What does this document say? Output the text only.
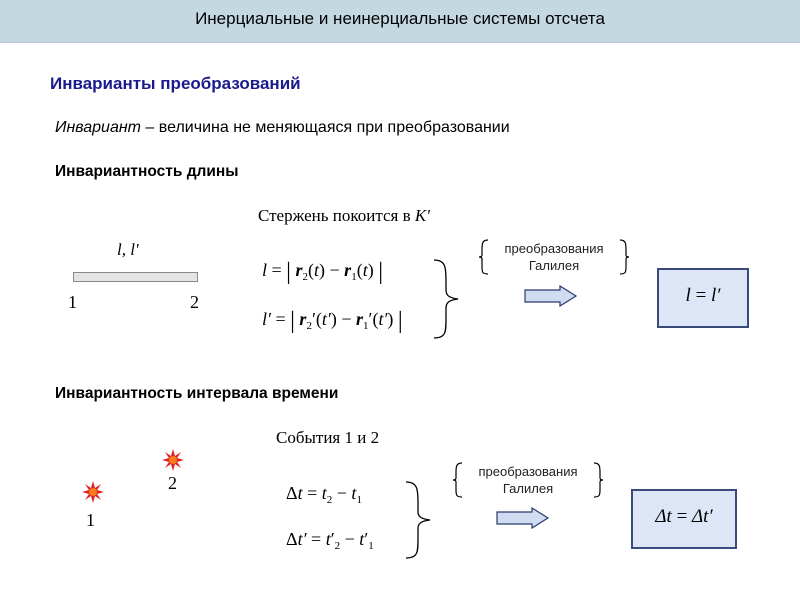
Инерциальные и неинерциальные системы отсчета
Инварианты преобразований
Инвариант – величина не меняющаяся при преобразовании
Инвариантность длины
Стержень покоится в K'
l, l'
1	2
l = | $r_2(t) - r_1(t)$ |
l′ = | $r_2'(t') - r_1'(t')$ |
преобразования
Галилея
l = l′
Инвариантность интервала времени
События 1 и 2
2
1
$\Delta t = t_2 - t_1$
$\Delta t' = t'_2 - t'_1$
преобразования
Галилея
Δt = Δt′
